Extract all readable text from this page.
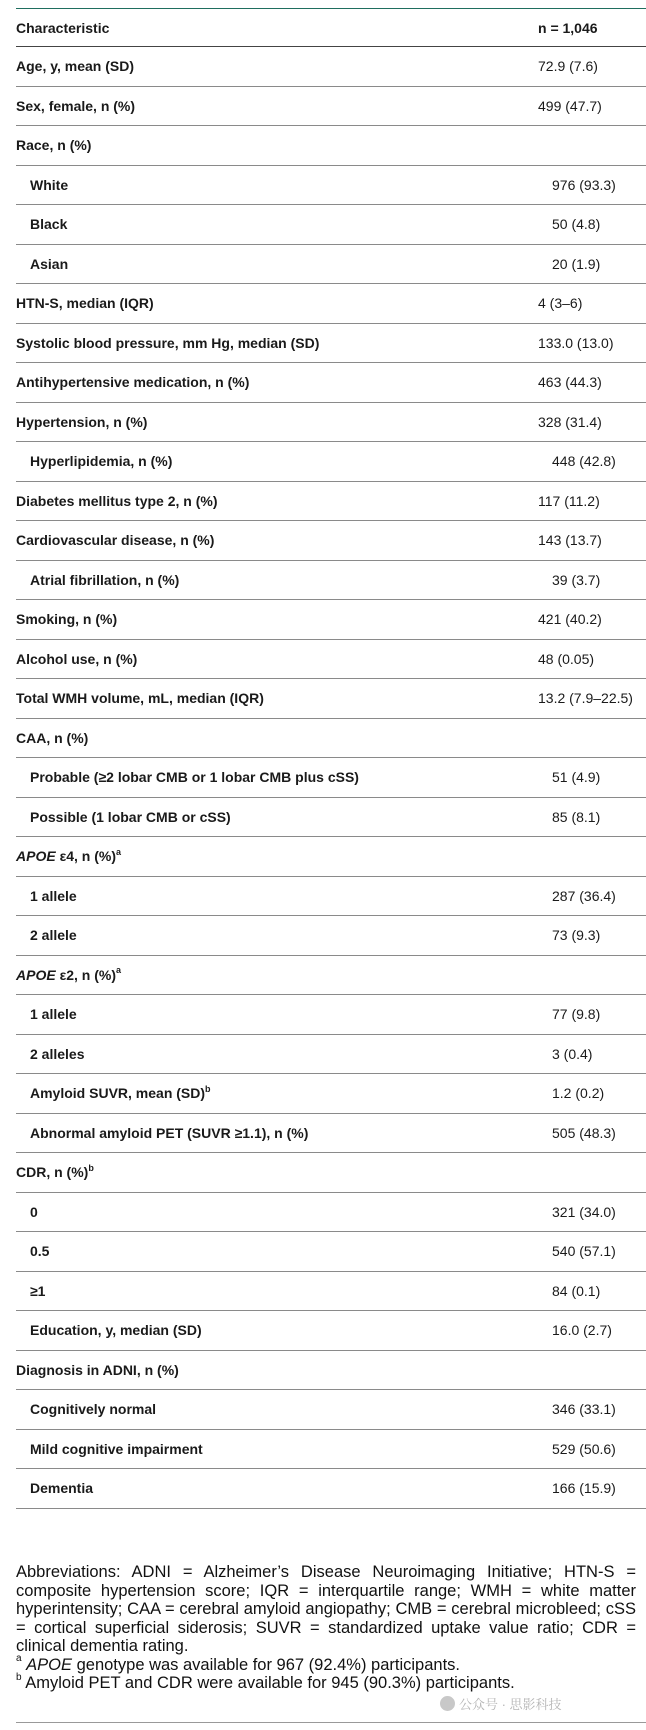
Characteristic	n = 1,046
Age, y, mean (SD)	72.9 (7.6)
Sex, female, n (%)	499 (47.7)
Race, n (%)
White	976 (93.3)
Black	50 (4.8)
Asian	20 (1.9)
HTN-S, median (IQR)	4 (3–6)
Systolic blood pressure, mm Hg, median (SD)	133.0 (13.0)
Antihypertensive medication, n (%)	463 (44.3)
Hypertension, n (%)	328 (31.4)
Hyperlipidemia, n (%)	448 (42.8)
Diabetes mellitus type 2, n (%)	117 (11.2)
Cardiovascular disease, n (%)	143 (13.7)
Atrial fibrillation, n (%)	39 (3.7)
Smoking, n (%)	421 (40.2)
Alcohol use, n (%)	48 (0.05)
Total WMH volume, mL, median (IQR)	13.2 (7.9–22.5)
CAA, n (%)
Probable (≥2 lobar CMB or 1 lobar CMB plus cSS)	51 (4.9)
Possible (1 lobar CMB or cSS)	85 (8.1)
APOE ε4, n (%)$^a$
1 allele	287 (36.4)
2 allele	73 (9.3)
APOE ε2, n (%)$^a$
1 allele	77 (9.8)
2 alleles	3 (0.4)
Amyloid SUVR, mean (SD)$^b$	1.2 (0.2)
Abnormal amyloid PET (SUVR ≥1.1), n (%)	505 (48.3)
CDR, n (%)$^b$
0	321 (34.0)
0.5	540 (57.1)
≥1	84 (0.1)
Education, y, median (SD)	16.0 (2.7)
Diagnosis in ADNI, n (%)
Cognitively normal	346 (33.1)
Mild cognitive impairment	529 (50.6)
Dementia	166 (15.9)

Abbreviations: ADNI = Alzheimer’s Disease Neuroimaging Initiative; HTN-S = composite hypertension score; IQR = interquartile range; WMH = white matter hyperintensity; CAA = cerebral amyloid angiopathy; CMB = cerebral microbleed; cSS = cortical superficial siderosis; SUVR = standardized uptake value ratio; CDR = clinical dementia rating.

$^a$ APOE genotype was available for 967 (92.4%) participants.

$^b$ Amyloid PET and CDR were available for 945 (90.3%) participants.

公众号 · 思影科技
